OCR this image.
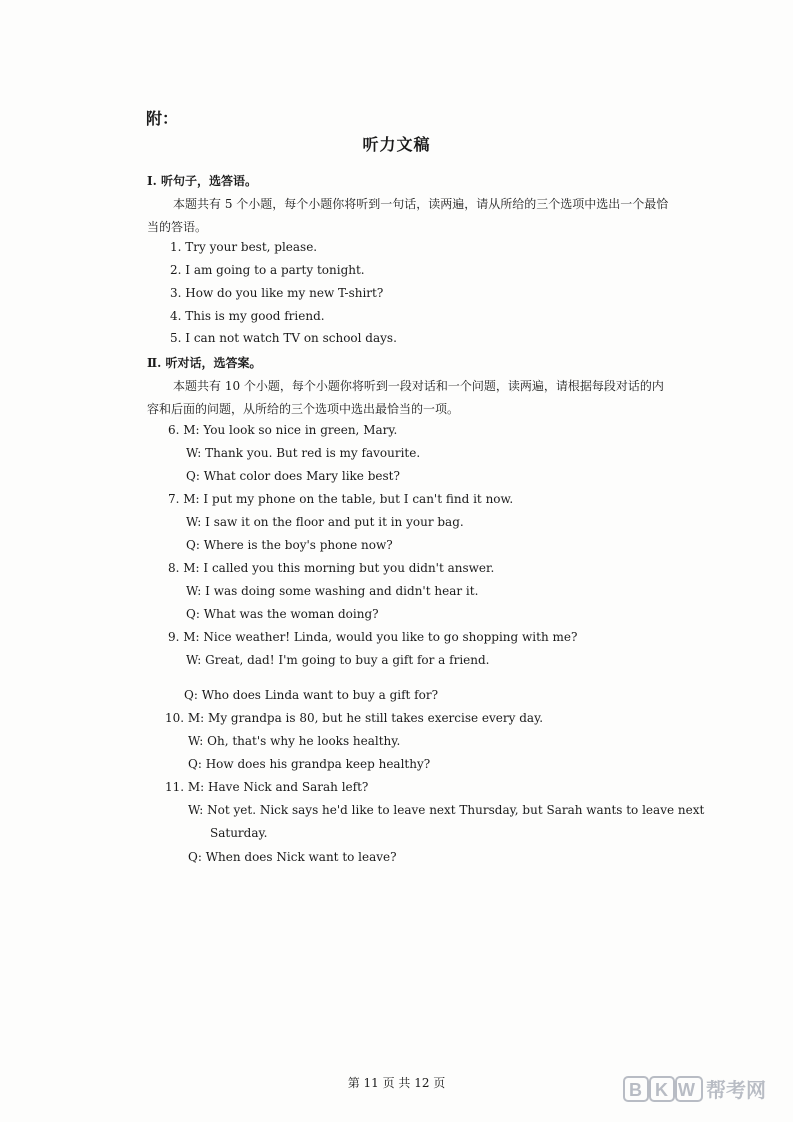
附：
听力文稿
Ⅰ. 听句子，选答语。
本题共有 5 个小题，每个小题你将听到一句话，读两遍，请从所给的三个选项中选出一个最恰
当的答语。
1. Try your best, please.
2. I am going to a party tonight.
3. How do you like my new T-shirt?
4. This is my good friend.
5. I can not watch TV on school days.
Ⅱ. 听对话，选答案。
本题共有 10 个小题，每个小题你将听到一段对话和一个问题，读两遍，请根据每段对话的内
容和后面的问题，从所给的三个选项中选出最恰当的一项。
6. M: You look so nice in green, Mary.
W: Thank you. But red is my favourite.
Q: What color does Mary like best?
7. M: I put my phone on the table, but I can't find it now.
W: I saw it on the floor and put it in your bag.
Q: Where is the boy's phone now?
8. M: I called you this morning but you didn't answer.
W: I was doing some washing and didn't hear it.
Q: What was the woman doing?
9. M: Nice weather! Linda, would you like to go shopping with me?
W: Great, dad! I'm going to buy a gift for a friend.
Q: Who does Linda want to buy a gift for?
10. M: My grandpa is 80, but he still takes exercise every day.
W: Oh, that's why he looks healthy.
Q: How does his grandpa keep healthy?
11. M: Have Nick and Sarah left?
W: Not yet. Nick says he'd like to leave next Thursday, but Sarah wants to leave next
Saturday.
Q: When does Nick want to leave?
第 11 页 共 12 页	B K W 帮考网
